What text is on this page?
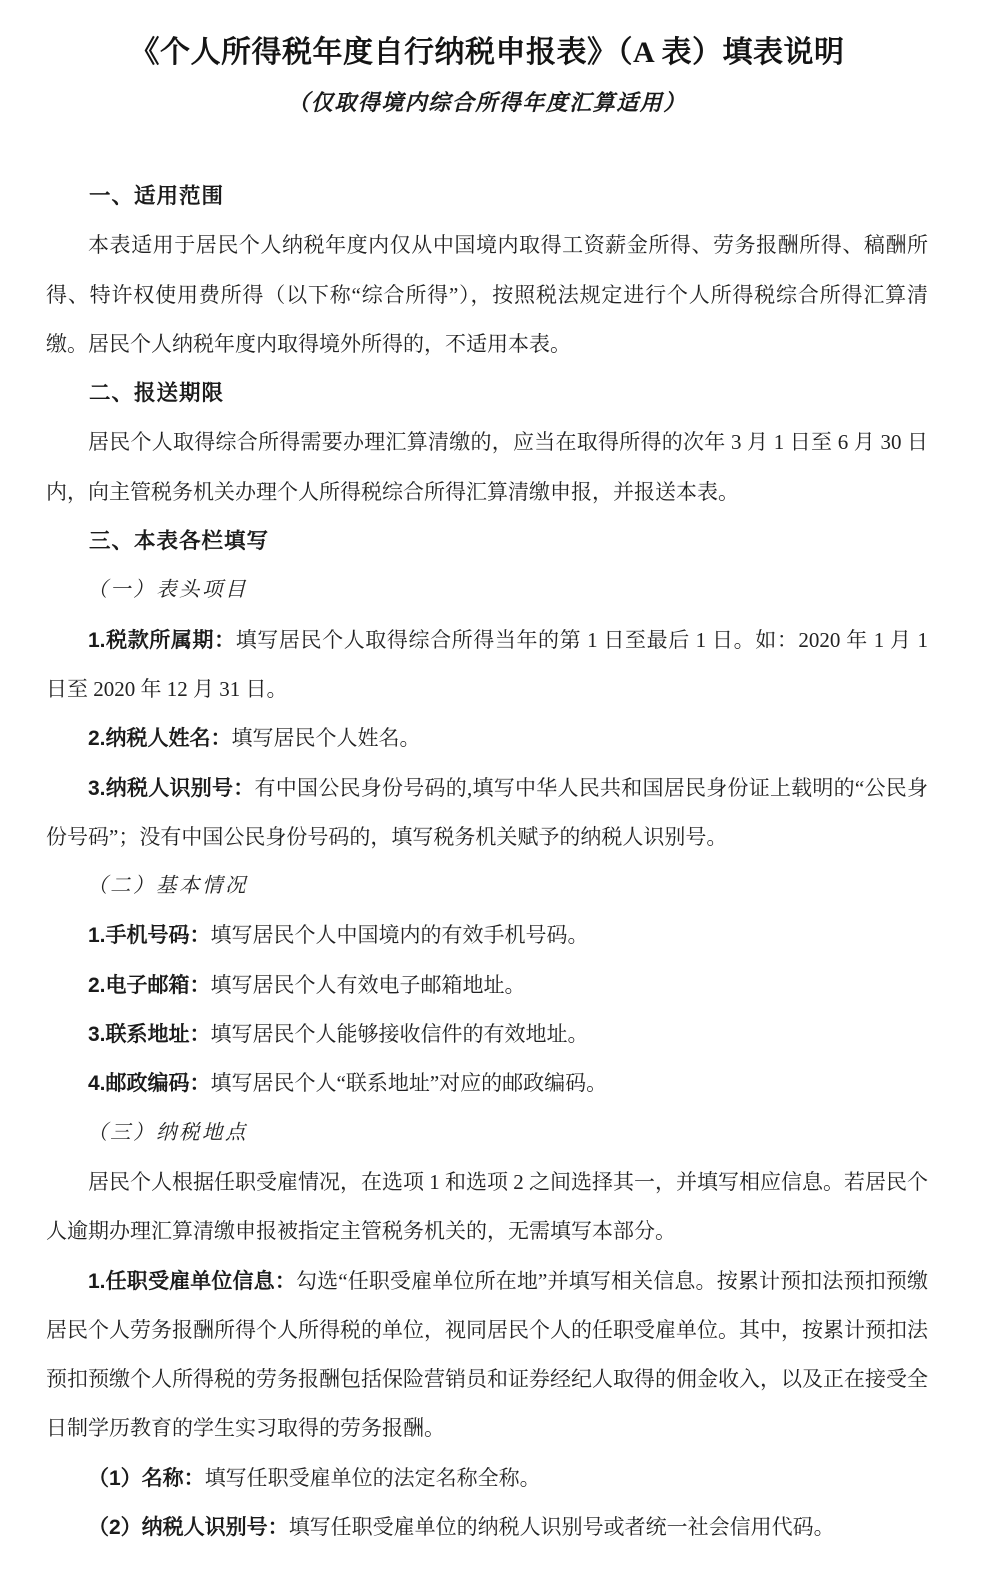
《个人所得税年度自行纳税申报表》（A 表）填表说明
（仅取得境内综合所得年度汇算适用）

一、适用范围

本表适用于居民个人纳税年度内仅从中国境内取得工资薪金所得、劳务报酬所得、稿酬所得、特许权使用费所得（以下称“综合所得”），按照税法规定进行个人所得税综合所得汇算清缴。居民个人纳税年度内取得境外所得的，不适用本表。

二、报送期限

居民个人取得综合所得需要办理汇算清缴的，应当在取得所得的次年 3 月 1 日至 6 月 30 日内，向主管税务机关办理个人所得税综合所得汇算清缴申报，并报送本表。

三、本表各栏填写

（一）表头项目

1.税款所属期：填写居民个人取得综合所得当年的第 1 日至最后 1 日。如：2020 年 1 月 1 日至 2020 年 12 月 31 日。

2.纳税人姓名：填写居民个人姓名。

3.纳税人识别号：有中国公民身份号码的,填写中华人民共和国居民身份证上载明的“公民身份号码”；没有中国公民身份号码的，填写税务机关赋予的纳税人识别号。

（二）基本情况

1.手机号码：填写居民个人中国境内的有效手机号码。

2.电子邮箱：填写居民个人有效电子邮箱地址。

3.联系地址：填写居民个人能够接收信件的有效地址。

4.邮政编码：填写居民个人“联系地址”对应的邮政编码。

（三）纳税地点

居民个人根据任职受雇情况，在选项 1 和选项 2 之间选择其一，并填写相应信息。若居民个人逾期办理汇算清缴申报被指定主管税务机关的，无需填写本部分。

1.任职受雇单位信息：勾选“任职受雇单位所在地”并填写相关信息。按累计预扣法预扣预缴居民个人劳务报酬所得个人所得税的单位，视同居民个人的任职受雇单位。其中，按累计预扣法预扣预缴个人所得税的劳务报酬包括保险营销员和证券经纪人取得的佣金收入，以及正在接受全日制学历教育的学生实习取得的劳务报酬。

（1）名称：填写任职受雇单位的法定名称全称。

（2）纳税人识别号：填写任职受雇单位的纳税人识别号或者统一社会信用代码。
